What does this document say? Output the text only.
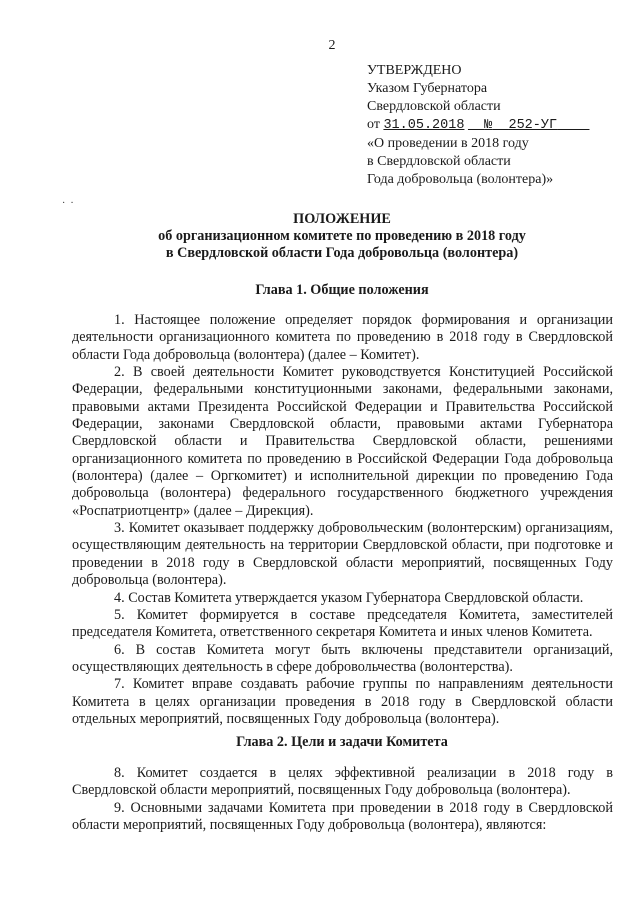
2
УТВЕРЖДЕНО
Указом Губернатора
Свердловской области
от 31.05.2018 № 252-УГ
«О проведении в 2018 году
в Свердловской области
Года добровольца (волонтера)»
·  ·
ПОЛОЖЕНИЕ
об организационном комитете по проведению в 2018 году
в Свердловской области Года добровольца (волонтера)
Глава 1. Общие положения

1. Настоящее положение определяет порядок формирования и организации деятельности организационного комитета по проведению в 2018 году в Свердловской области Года добровольца (волонтера) (далее – Комитет).

2. В своей деятельности Комитет руководствуется Конституцией Российской Федерации, федеральными конституционными законами, федеральными законами, правовыми актами Президента Российской Федерации и Правительства Российской Федерации, законами Свердловской области, правовыми актами Губернатора Свердловской области и Правительства Свердловской области, решениями организационного комитета по проведению в Российской Федерации Года добровольца (волонтера) (далее – Оргкомитет) и исполнительной дирекции по проведению Года добровольца (волонтера) федерального государственного бюджетного учреждения «Роспатриотцентр» (далее – Дирекция).

3. Комитет оказывает поддержку добровольческим (волонтерским) организациям, осуществляющим деятельность на территории Свердловской области, при подготовке и проведении в 2018 году в Свердловской области мероприятий, посвященных Году добровольца (волонтера).

4. Состав Комитета утверждается указом Губернатора Свердловской области.

5. Комитет формируется в составе председателя Комитета, заместителей председателя Комитета, ответственного секретаря Комитета и иных членов Комитета.

6. В состав Комитета могут быть включены представители организаций, осуществляющих деятельность в сфере добровольчества (волонтерства).

7. Комитет вправе создавать рабочие группы по направлениям деятельности Комитета в целях организации проведения в 2018 году в Свердловской области отдельных мероприятий, посвященных Году добровольца (волонтера).

Глава 2. Цели и задачи Комитета

8. Комитет создается в целях эффективной реализации в 2018 году в Свердловской области мероприятий, посвященных Году добровольца (волонтера).

9. Основными задачами Комитета при проведении в 2018 году в Свердловской области мероприятий, посвященных Году добровольца (волонтера), являются:
